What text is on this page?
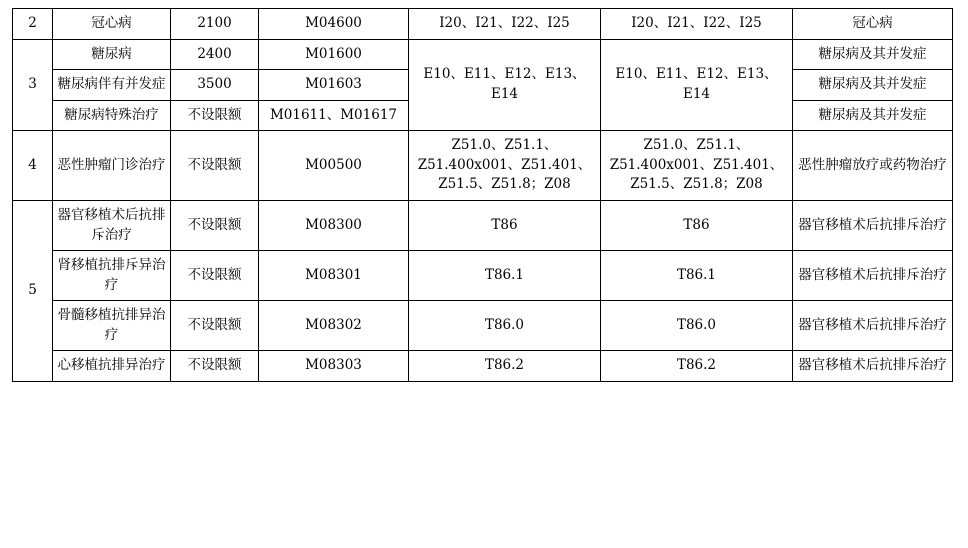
2	冠心病	2100	M04600	I20、I21、I22、I25	I20、I21、I22、I25	冠心病
3	糖尿病	2400	M01600	E10、E11、E12、E13、E14	E10、E11、E12、E13、E14	糖尿病及其并发症
	糖尿病伴有并发症	3500	M01603			糖尿病及其并发症
	糖尿病特殊治疗	不设限额	M01611、M01617			糖尿病及其并发症
4	恶性肿瘤门诊治疗	不设限额	M00500	Z51.0、Z51.1、Z51.400x001、Z51.401、Z51.5、Z51.8；Z08	Z51.0、Z51.1、Z51.400x001、Z51.401、Z51.5、Z51.8；Z08	恶性肿瘤放疗或药物治疗
5	器官移植术后抗排斥治疗	不设限额	M08300	T86	T86	器官移植术后抗排斥治疗
	肾移植抗排斥异治疗	不设限额	M08301	T86.1	T86.1	器官移植术后抗排斥治疗
	骨髓移植抗排异治疗	不设限额	M08302	T86.0	T86.0	器官移植术后抗排斥治疗
	心移植抗排异治疗	不设限额	M08303	T86.2	T86.2	器官移植术后抗排斥治疗
